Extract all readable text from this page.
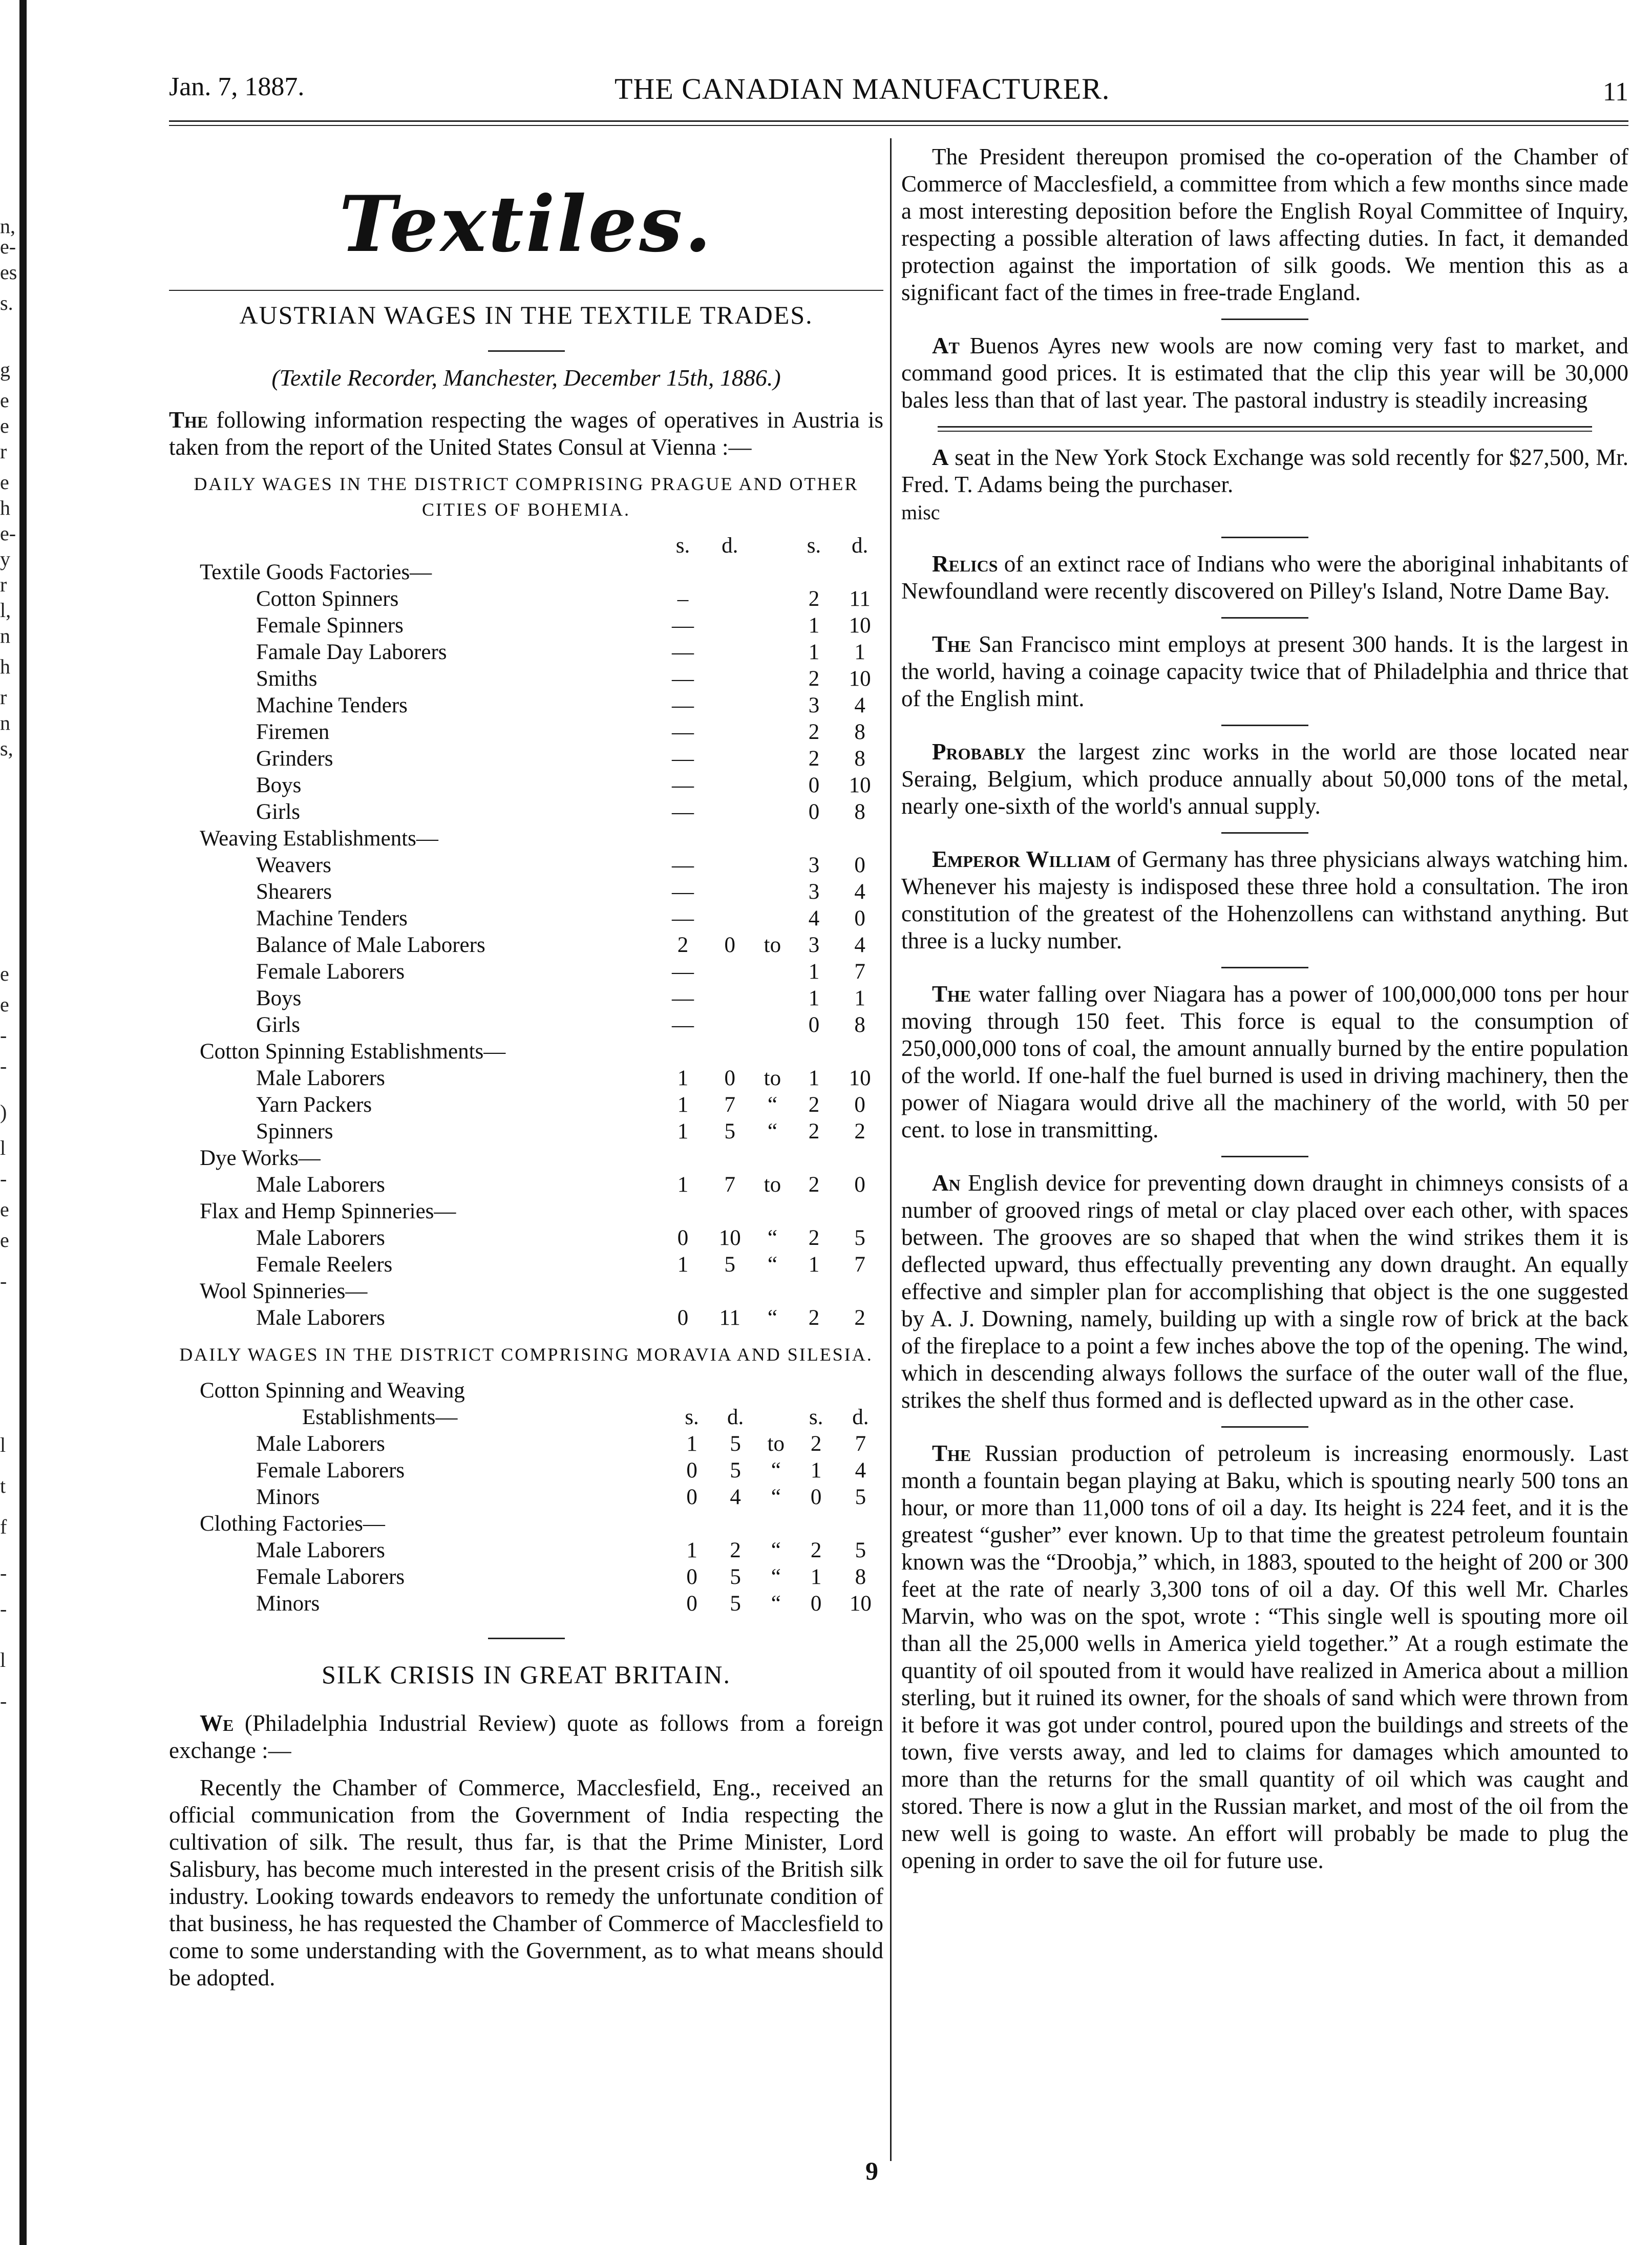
n,
e-
es
s.
g
e
e
r
e
h
e-
y
r
l,
n
h
r
n
s,
e
e
-
-
)
l
-
e
e
-
l
t
f
-
-
l
-
Jan. 7, 1887.	THE CANADIAN MANUFACTURER.	11
Textiles.
AUSTRIAN WAGES IN THE TEXTILE TRADES.
(Textile Recorder, Manchester, December 15th, 1886.)

The following information respecting the wages of operatives in Austria is taken from the report of the United States Consul at Vienna :—

DAILY WAGES IN THE DISTRICT COMPRISING PRAGUE AND OTHER CITIES OF BOHEMIA.
	s.	d.		s.	d.
Textile Goods Factories—					
Cotton Spinners	–			2	11
Female Spinners	—			1	10
Famale Day Laborers	—			1	1
Smiths	—			2	10
Machine Tenders	—			3	4
Firemen	—			2	8
Grinders	—			2	8
Boys	—			0	10
Girls	—			0	8
Weaving Establishments—					
Weavers	—			3	0
Shearers	—			3	4
Machine Tenders	—			4	0
Balance of Male Laborers	2	0	to	3	4
Female Laborers	—			1	7
Boys	—			1	1
Girls	—			0	8
Cotton Spinning Establishments—					
Male Laborers	1	0	to	1	10
Yarn Packers	1	7	“	2	0
Spinners	1	5	“	2	2
Dye Works—					
Male Laborers	1	7	to	2	0
Flax and Hemp Spinneries—					
Male Laborers	0	10	“	2	5
Female Reelers	1	5	“	1	7
Wool Spinneries—					
Male Laborers	0	11	“	2	2
DAILY WAGES IN THE DISTRICT COMPRISING MORAVIA AND SILESIA.
Cotton Spinning and Weaving					
Establishments—	s.	d.		s.	d.
Male Laborers	1	5	to	2	7
Female Laborers	0	5	“	1	4
Minors	0	4	“	0	5
Clothing Factories—					
Male Laborers	1	2	“	2	5
Female Laborers	0	5	“	1	8
Minors	0	5	“	0	10
SILK CRISIS IN GREAT BRITAIN.

We (Philadelphia Industrial Review) quote as follows from a foreign exchange :—

Recently the Chamber of Commerce, Macclesfield, Eng., received an official communication from the Government of India respecting the cultivation of silk. The result, thus far, is that the Prime Minister, Lord Salisbury, has become much interested in the present crisis of the British silk industry. Looking towards endeavors to remedy the unfortunate condition of that business, he has requested the Chamber of Commerce of Macclesfield to come to some understanding with the Government, as to what means should be adopted.

The President thereupon promised the co-operation of the Chamber of Commerce of Macclesfield, a committee from which a few months since made a most interesting deposition before the English Royal Committee of Inquiry, respecting a possible alteration of laws affecting duties. In fact, it demanded protection against the importation of silk goods. We mention this as a significant fact of the times in free-trade England.

At Buenos Ayres new wools are now coming very fast to market, and command good prices. It is estimated that the clip this year will be 30,000 bales less than that of last year. The pastoral industry is steadily increasing

A seat in the New York Stock Exchange was sold recently for $27,500, Mr. Fred. T. Adams being the purchaser.

misc

Relics of an extinct race of Indians who were the aboriginal inhabitants of Newfoundland were recently discovered on Pilley's Island, Notre Dame Bay.

The San Francisco mint employs at present 300 hands. It is the largest in the world, having a coinage capacity twice that of Philadelphia and thrice that of the English mint.

Probably the largest zinc works in the world are those located near Seraing, Belgium, which produce annually about 50,000 tons of the metal, nearly one-sixth of the world's annual supply.

Emperor William of Germany has three physicians always watching him. Whenever his majesty is indisposed these three hold a consultation. The iron constitution of the greatest of the Hohenzollens can withstand anything. But three is a lucky number.

The water falling over Niagara has a power of 100,000,000 tons per hour moving through 150 feet. This force is equal to the consumption of 250,000,000 tons of coal, the amount annually burned by the entire population of the world. If one-half the fuel burned is used in driving machinery, then the power of Niagara would drive all the machinery of the world, with 50 per cent. to lose in transmitting.

An English device for preventing down draught in chimneys consists of a number of grooved rings of metal or clay placed over each other, with spaces between. The grooves are so shaped that when the wind strikes them it is deflected upward, thus effectually preventing any down draught. An equally effective and simpler plan for accomplishing that object is the one suggested by A. J. Downing, namely, building up with a single row of brick at the back of the fireplace to a point a few inches above the top of the opening. The wind, which in descending always follows the surface of the outer wall of the flue, strikes the shelf thus formed and is deflected upward as in the other case.

The Russian production of petroleum is increasing enormously. Last month a fountain began playing at Baku, which is spouting nearly 500 tons an hour, or more than 11,000 tons of oil a day. Its height is 224 feet, and it is the greatest “gusher” ever known. Up to that time the greatest petroleum fountain known was the “Droobja,” which, in 1883, spouted to the height of 200 or 300 feet at the rate of nearly 3,300 tons of oil a day. Of this well Mr. Charles Marvin, who was on the spot, wrote : “This single well is spouting more oil than all the 25,000 wells in America yield together.” At a rough estimate the quantity of oil spouted from it would have realized in America about a million sterling, but it ruined its owner, for the shoals of sand which were thrown from it before it was got under control, poured upon the buildings and streets of the town, five versts away, and led to claims for damages which amounted to more than the returns for the small quantity of oil which was caught and stored. There is now a glut in the Russian market, and most of the oil from the new well is going to waste. An effort will probably be made to plug the opening in order to save the oil for future use.

9
